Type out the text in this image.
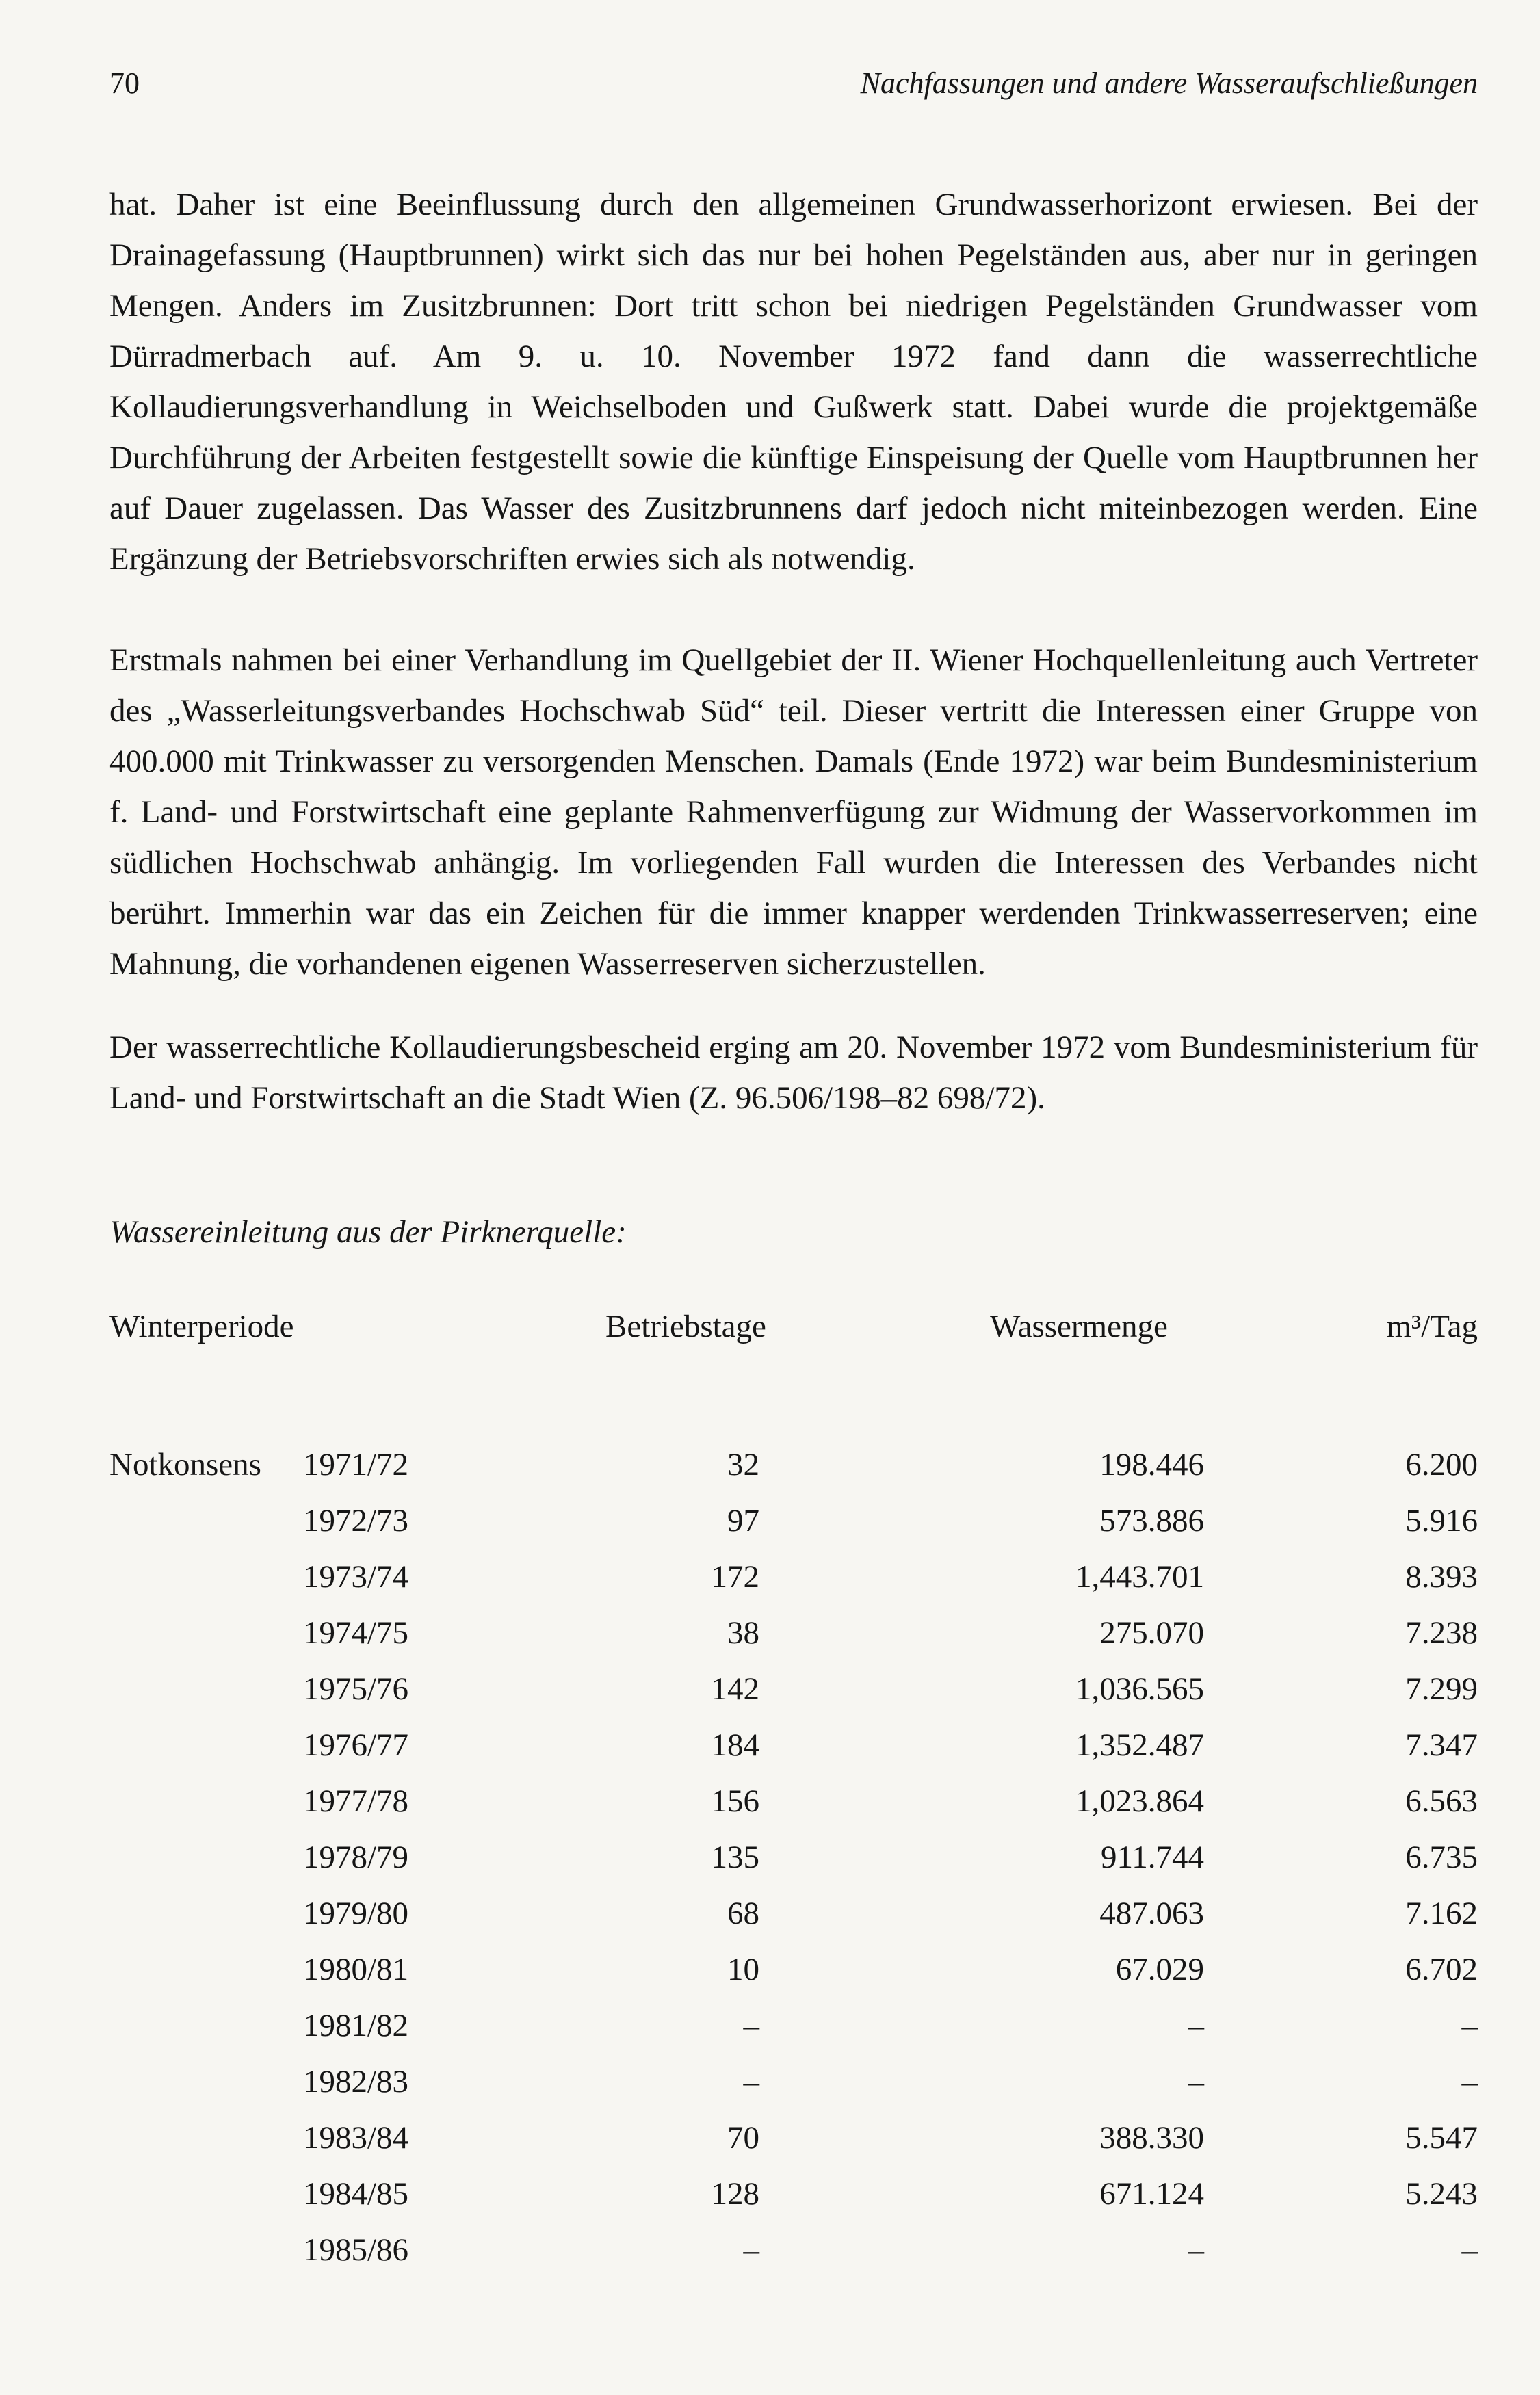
70	Nachfassungen und andere Wasseraufschließungen
hat. Daher ist eine Beeinflussung durch den allgemeinen Grundwasserhorizont erwiesen. Bei der Drainagefassung (Hauptbrunnen) wirkt sich das nur bei hohen Pegelständen aus, aber nur in geringen Mengen. Anders im Zusitzbrunnen: Dort tritt schon bei niedrigen Pegelständen Grundwasser vom Dürradmerbach auf. Am 9. u. 10. November 1972 fand dann die wasserrechtliche Kollaudierungsverhandlung in Weichselboden und Gußwerk statt. Dabei wurde die projektgemäße Durchführung der Arbeiten festgestellt sowie die künftige Einspeisung der Quelle vom Hauptbrunnen her auf Dauer zugelassen. Das Wasser des Zusitzbrunnens darf jedoch nicht miteinbezogen werden. Eine Ergänzung der Betriebsvorschriften erwies sich als notwendig.
Erstmals nahmen bei einer Verhandlung im Quellgebiet der II. Wiener Hochquellenleitung auch Vertreter des „Wasserleitungsverbandes Hochschwab Süd“ teil. Dieser vertritt die Interessen einer Gruppe von 400.000 mit Trinkwasser zu versorgenden Menschen. Damals (Ende 1972) war beim Bundesministerium f. Land- und Forstwirtschaft eine geplante Rahmenverfügung zur Widmung der Wasservorkommen im südlichen Hochschwab anhängig. Im vorliegenden Fall wurden die Interessen des Verbandes nicht berührt. Immerhin war das ein Zeichen für die immer knapper werdenden Trinkwasserreserven; eine Mahnung, die vorhandenen eigenen Wasserreserven sicherzustellen.
Der wasserrechtliche Kollaudierungsbescheid erging am 20. November 1972 vom Bundesministerium für Land- und Forstwirtschaft an die Stadt Wien (Z. 96.506/198–82 698/72).
Wassereinleitung aus der Pirknerquelle:
Winterperiode	Betriebstage	Wassermenge	m³/Tag
Notkonsens 1971/72	32	198.446	6.200
1972/73	97	573.886	5.916
1973/74	172	1,443.701	8.393
1974/75	38	275.070	7.238
1975/76	142	1,036.565	7.299
1976/77	184	1,352.487	7.347
1977/78	156	1,023.864	6.563
1978/79	135	911.744	6.735
1979/80	68	487.063	7.162
1980/81	10	67.029	6.702
1981/82	–	–	–
1982/83	–	–	–
1983/84	70	388.330	5.547
1984/85	128	671.124	5.243
1985/86	–	–	–
